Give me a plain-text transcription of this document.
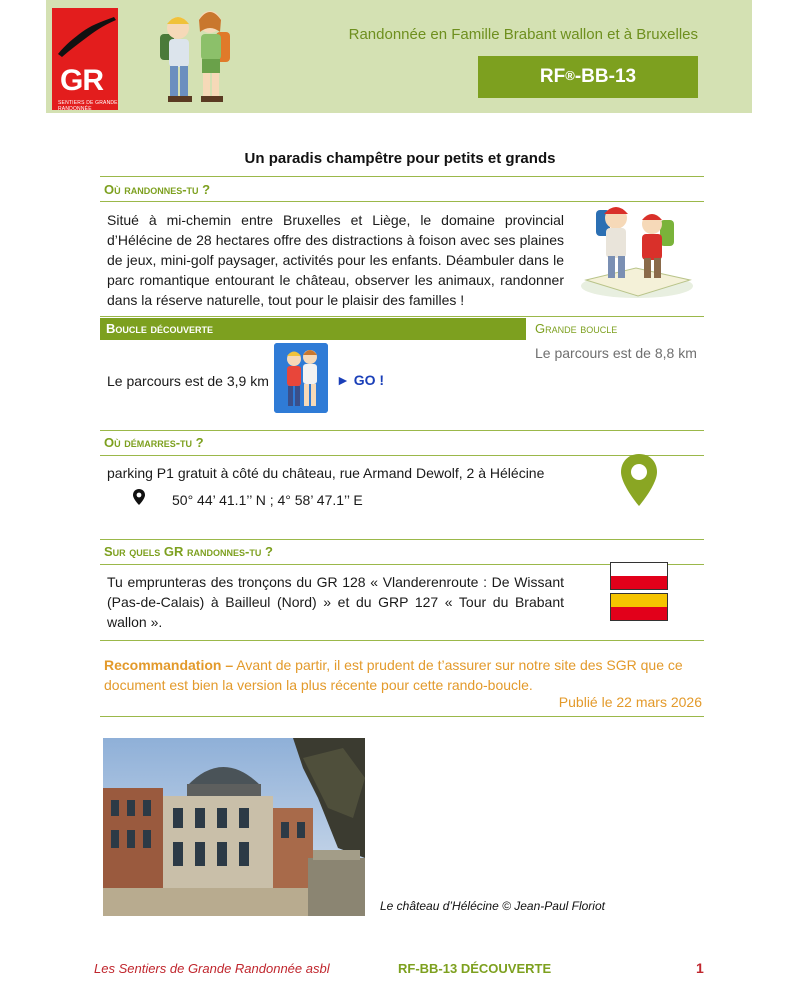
GR
SENTIERS DE GRANDE RANDONNÉE
Randonnée en Famille Brabant wallon et à Bruxelles
RF® -BB-13
Un paradis champêtre pour petits et grands
Où randonnes-tu ?
Situé à mi-chemin entre Bruxelles et Liège, le domaine provincial d’Hélécine de 28 hectares offre des distractions à foison avec ses plaines de jeux, mini-golf paysager, activités pour les enfants. Déambuler dans le parc romantique entourant le château, observer les animaux, randonner dans la réserve naturelle, tout pour le plaisir des familles !
Boucle découverte	Grande boucle
Le parcours est de 8,8 km
Le parcours est de 3,9 km	► GO !
Où démarres-tu ?
parking P1 gratuit à côté du château, rue Armand Dewolf, 2 à Hélécine
50° 44’ 41.1’’ N ; 4° 58’ 47.1’’ E
Sur quels GR randonnes-tu ?
Tu emprunteras des tronçons du GR 128 « Vlanderenroute : De Wissant (Pas-de-Calais) à Bailleul (Nord) » et du GRP 127 « Tour du Brabant wallon ».
Recommandation – Avant de partir, il est prudent de t’assurer sur notre site des SGR que ce document est bien la version la plus récente pour cette rando-boucle.
Publié le 22 mars 2026
Le château d’Hélécine © Jean-Paul Floriot
Les Sentiers de Grande Randonnée asbl	RF-BB-13 DÉCOUVERTE	1
